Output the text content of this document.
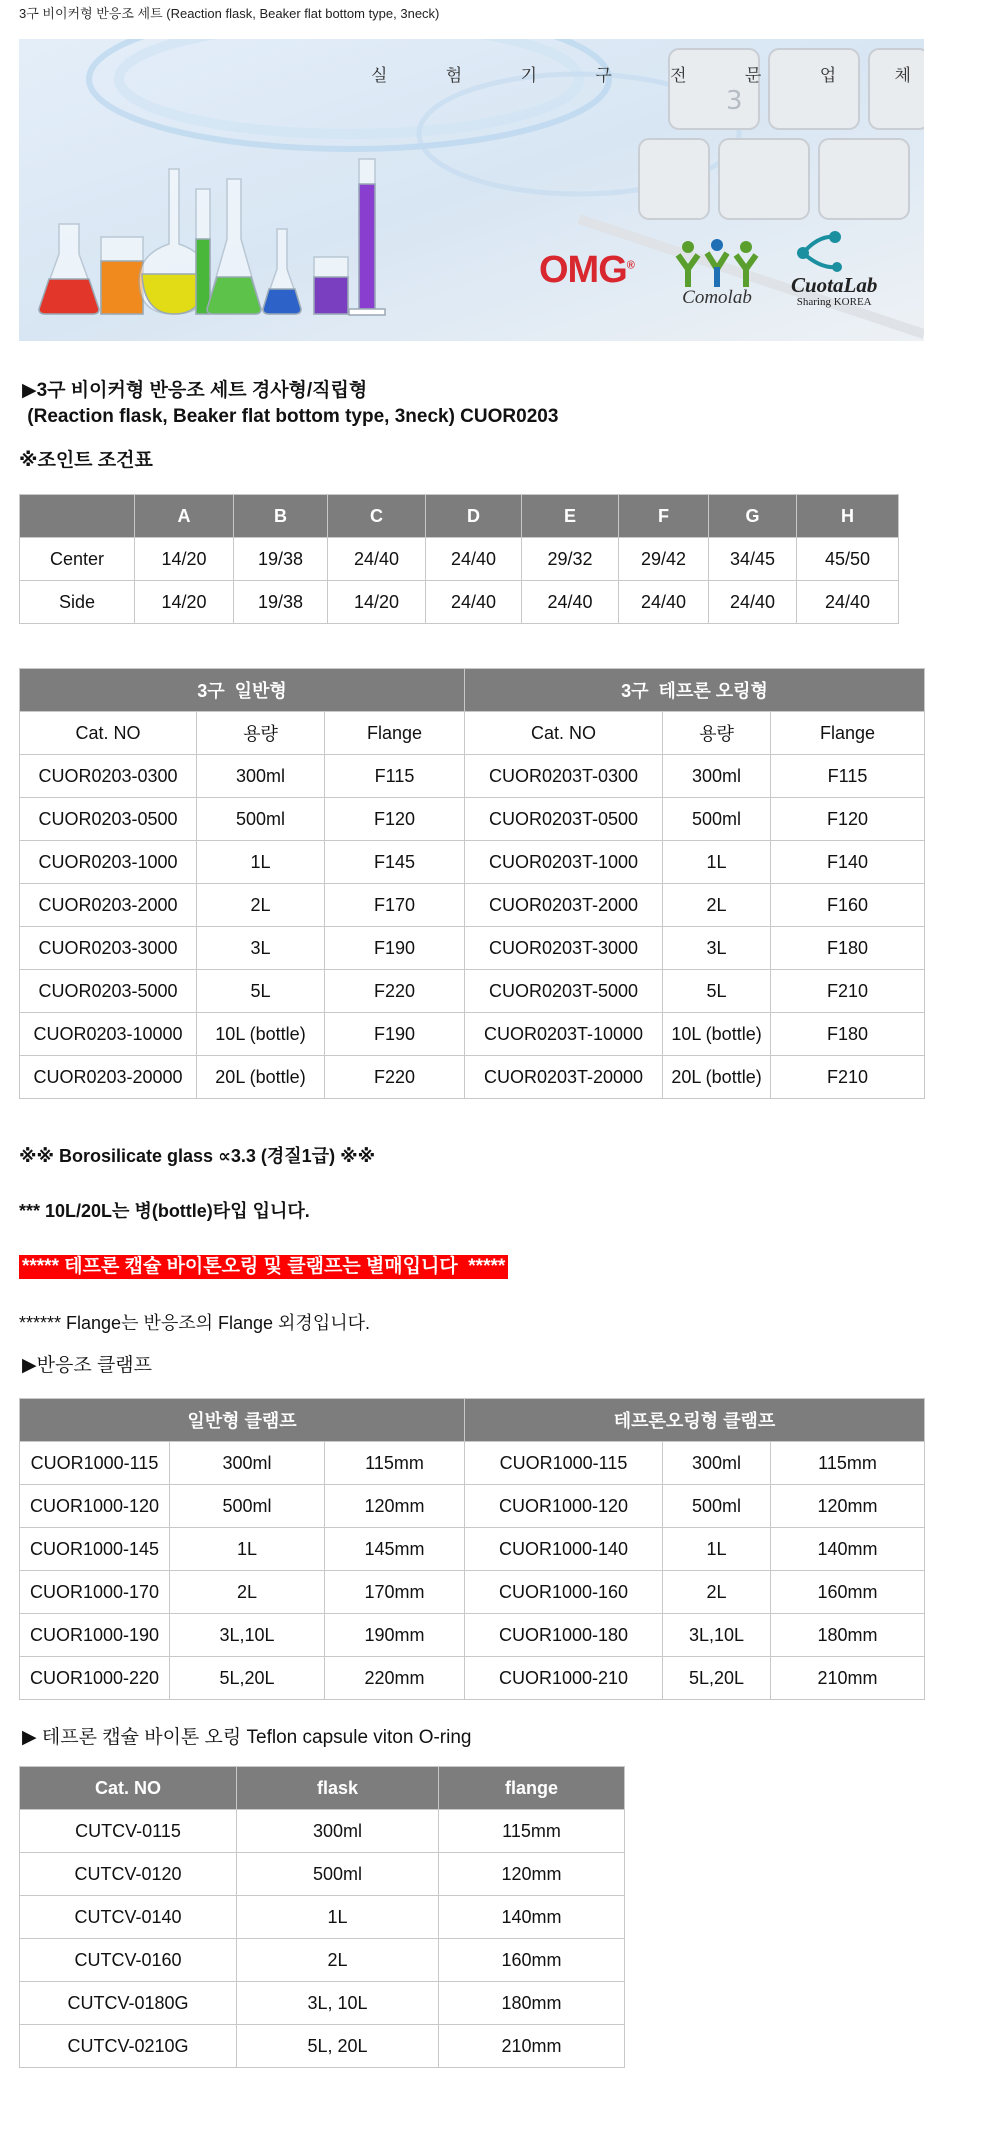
3구 비이커형 반응조 세트 (Reaction flask, Beaker flat bottom type, 3neck)
3
실	험	기	구	전	문	업	체
OMG®
Comolab
CuotaLab
Sharing KOREA
▶3구 비이커형 반응조 세트 경사형/직립형
(Reaction flask, Beaker flat bottom type, 3neck) CUOR0203
※조인트 조건표
	A	B	C	D	E	F	G	H
Center	14/20	19/38	24/40	24/40	29/32	29/42	34/45	45/50
Side	14/20	19/38	14/20	24/40	24/40	24/40	24/40	24/40
3구  일반형			3구  테프론 오링형		
Cat. NO	용량	Flange	Cat. NO	용량	Flange
CUOR0203-0300	300ml	F115	CUOR0203T-0300	300ml	F115
CUOR0203-0500	500ml	F120	CUOR0203T-0500	500ml	F120
CUOR0203-1000	1L	F145	CUOR0203T-1000	1L	F140
CUOR0203-2000	2L	F170	CUOR0203T-2000	2L	F160
CUOR0203-3000	3L	F190	CUOR0203T-3000	3L	F180
CUOR0203-5000	5L	F220	CUOR0203T-5000	5L	F210
CUOR0203-10000	10L (bottle)	F190	CUOR0203T-10000	10L (bottle)	F180
CUOR0203-20000	20L (bottle)	F220	CUOR0203T-20000	20L (bottle)	F210
※※ Borosilicate glass ∝3.3 (경질1급) ※※
*** 10L/20L는 병(bottle)타입 입니다.
***** 테프론 캡슐 바이톤오링 및 클램프는 별매입니다  *****
****** Flange는 반응조의 Flange 외경입니다.
▶반응조 클램프
일반형 클램프			테프론오링형 클램프		
CUOR1000-115	300ml	115mm	CUOR1000-115	300ml	115mm
CUOR1000-120	500ml	120mm	CUOR1000-120	500ml	120mm
CUOR1000-145	1L	145mm	CUOR1000-140	1L	140mm
CUOR1000-170	2L	170mm	CUOR1000-160	2L	160mm
CUOR1000-190	3L,10L	190mm	CUOR1000-180	3L,10L	180mm
CUOR1000-220	5L,20L	220mm	CUOR1000-210	5L,20L	210mm
▶ 테프론 캡슐 바이톤 오링 Teflon capsule viton O-ring
Cat. NO	flask	flange
CUTCV-0115	300ml	115mm
CUTCV-0120	500ml	120mm
CUTCV-0140	1L	140mm
CUTCV-0160	2L	160mm
CUTCV-0180G	3L, 10L	180mm
CUTCV-0210G	5L, 20L	210mm
